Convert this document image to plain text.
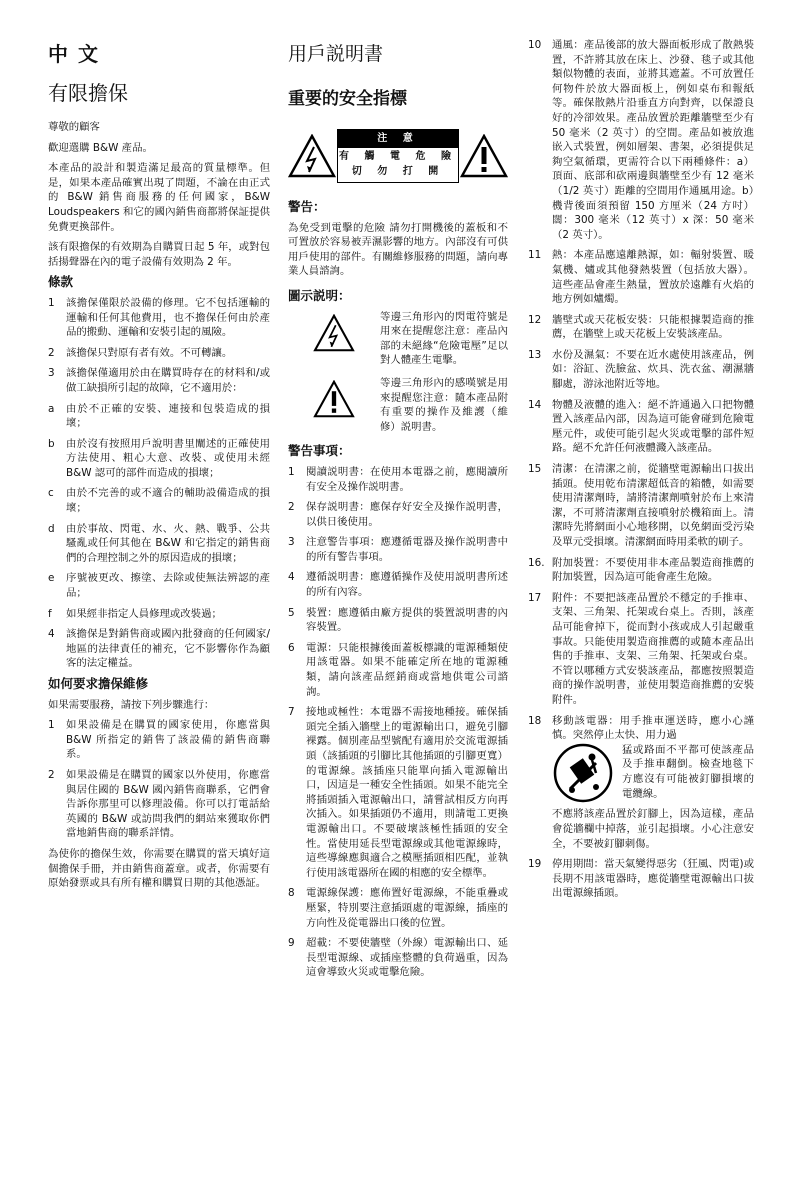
中文
有限擔保

尊敬的顧客

歡迎選購 B&W 產品。

本產品的設計和製造滿足最高的質量標準。但是，如果本產品確實出現了問題，不論在由正式的 B&W 銷售商服務的任何國家，B&W Loudspeakers 和它的國內銷售商都將保証提供免費更換部件。

該有限擔保的有效期為自購買日起 5 年，或對包括揚聲器在內的電子設備有效期為 2 年。

條款
1	該擔保僅限於設備的修理。它不包括運輸的運輸和任何其他費用，也不擔保任何由於產品的搬動、運輸和安裝引起的風險。
2	該擔保只對原有者有效。不可轉讓。
3	該擔保僅適用於由在購買時存在的材料和/或做工缺損所引起的故障，它不適用於：
a	由於不正確的安裝、連接和包裝造成的損壞；
b	由於沒有按照用戶說明書里闡述的正確使用方法使用、粗心大意、改裝、或使用未經 B&W 認可的部件而造成的損壞；
c	由於不完善的或不適合的輔助設備造成的損壞；
d	由於事故、閃電、水、火、熱、戰爭、公共騷亂或任何其他在 B&W 和它指定的銷售商們的合理控制之外的原因造成的損壞；
e	序號被更改、擦塗、去除或使無法辨認的產品；
f	如果經非指定人員修理或改裝過；
4	該擔保是對銷售商或國內批發商的任何國家/地區的法律責任的補充，它不影響你作為顧客的法定權益。
如何要求擔保維修

如果需要服務，請按下列步驟進行：

1	如果設備是在購買的國家使用，你應當與 B&W 所指定的銷售了該設備的銷售商聯系。
2	如果設備是在購買的國家以外使用，你應當與居住國的 B&W 國內銷售商聯系，它們會告訴你那里可以修理設備。你可以打電話給英國的 B&W 或訪問我們的網站來獲取你們當地銷售商的聯系詳情。

為使你的擔保生效，你需要在購買的當天填好這個擔保手冊，并由銷售商蓋章。或者，你需要有原始發票或具有所有權和購買日期的其他憑証。

用戶説明書
重要的安全指標
注 意
有 觸 電 危 險
切 勿 打 開
警告：

為免受到電擊的危險 請勿打開機後的蓋板和不可置放於容易被弄濕影響的地方。內部沒有可供用戶使用的部件。有關維修服務的問題，請向專業人員諮詢。

圖示説明：
等邊三角形內的閃電符號是用來在提醒您注意：產品內部的未絕緣“危險電壓”足以對人體產生電擊。
等邊三角形內的感嘆號是用來提醒您注意：隨本產品附有重要的操作及維護（維修）説明書。
警告事項：
1	閱讀説明書：在使用本電器之前，應閱讀所有安全及操作説明書。
2	保存説明書：應保存好安全及操作説明書，以供日後使用。
3	注意警告事項：應遵循電器及操作説明書中的所有警告事項。
4	遵循説明書：應遵循操作及使用説明書所述的所有內容。
5	裝置：應遵循由廠方提供的裝置説明書的內容裝置。
6	電源：只能根據後面蓋板標識的電源種類使用該電器。如果不能確定所在地的電源種類，請向該產品經銷商或當地供電公司諮詢。
7	接地或極性：本電器不需接地種接。確保插頭完全插入牆壁上的電源輸出口，避免引腳裸露。個別產品型號配有適用於交流電源插頭（該插頭的引腳比其他插頭的引腳更寬）的電源線。該插座只能單向插入電源輸出口，因這是一種安全性插頭。如果不能完全將插頭插入電源輸出口，請嘗試相反方向再次插入。如果插頭仍不適用，則請電工更換電源輸出口。不要破壞該極性插頭的安全性。當使用延長型電源線或其他電源線時，這些導線應與適合之模壓插頭相匹配，並執行使用該電器所在國的相應的安全標準。
8	電源線保護：應佈置好電源線，不能重疊或壓緊，特別要注意插頭處的電源線，插座的方向性及從電器出口後的位置。
9	超載：不要使牆壁（外線）電源輸出口、延長型電源線、或插座整體的負荷過重，因為這會導致火災或電擊危險。
10	通風：產品後部的放大器面板形成了散熱裝置，不許將其放在床上、沙發、毯子或其他類似物體的表面，並將其遮蓋。不可放置任何物件於放大器面板上，例如桌布和報紙等。確保散熱片沿垂直方向對齊，以保證良好的冷卻效果。產品放置於距離牆壁至少有 50 毫米（2 英寸）的空間。產品如被放進嵌入式裝置，例如層架、書架，必須提供足夠空氣循環，更需符合以下兩種條件：a）頂面、底部和砍兩邊與牆壁至少有 12 毫米（1/2 英寸）距離的空間用作通風用途。b）機背後面須預留 150 方厘米（24 方吋）闊：300 毫米（12 英寸）x 深：50 毫米（2 英寸）。
11	熱：本產品應遠離熱源，如：輻射裝置、暖氣機、爐或其他發熱裝置（包括放大器）。這些產品會產生熱量，置放於遠離有火焰的地方例如爐燭。
12	牆壁式或天花板安裝：只能根據製造商的推薦，在牆壁上或天花板上安裝該產品。
13	水份及濕氣：不要在近水處使用該產品，例如：浴缸、洗臉盆、炊具、洗衣盆、潮濕牆腳處，游泳池附近等地。
14	物體及液體的進入：絕不許通過入口把物體置入該產品內部，因為這可能會碰到危險電壓元件，或使可能引起火災或電擊的部件短路。絕不允許任何液體濺入該產品。
15	清潔：在清潔之前，從牆壁電源輸出口拔出插頭。使用乾布清潔超低音的箱體，如需要使用清潔劑時，請將清潔劑噴射於布上來清潔，不可將清潔劑直接噴射於機箱面上。清潔時先將網面小心地移開，以免網面受污染及單元受損壞。清潔網面時用柔軟的刷子。
16. 附加裝置：不要使用非本產品製造商推薦的附加裝置，因為這可能會產生危險。
17	附件：不要把該產品置於不穩定的手推車、支架、三角架、托架或台桌上。否則，該產品可能會掉下，從而對小孩或成人引起嚴重事故。只能使用製造商推薦的或隨本產品出售的手推車、支架、三角架、托架或台桌。不管以哪種方式安裝該產品，都應按照製造商的操作説明書，並使用製造商推薦的安裝附件。
18	移動該電器：用手推車運送時，應小心謹慎。突然停止太快、用力過
猛或路面不平都可使該產品及手推車翻倒。檢查地毯下方應沒有可能被釘腳損壞的電纜線。
不應將該產品置於釘腳上，因為這樣，產品會從牆欄中掉落，並引起損壞。小心注意安全，不要被釘腳刺傷。
19	停用期間：當天氣變得惡劣（狂風、閃電)或長期不用該電器時，應從牆壁電源輸出口拔出電源線插頭。
